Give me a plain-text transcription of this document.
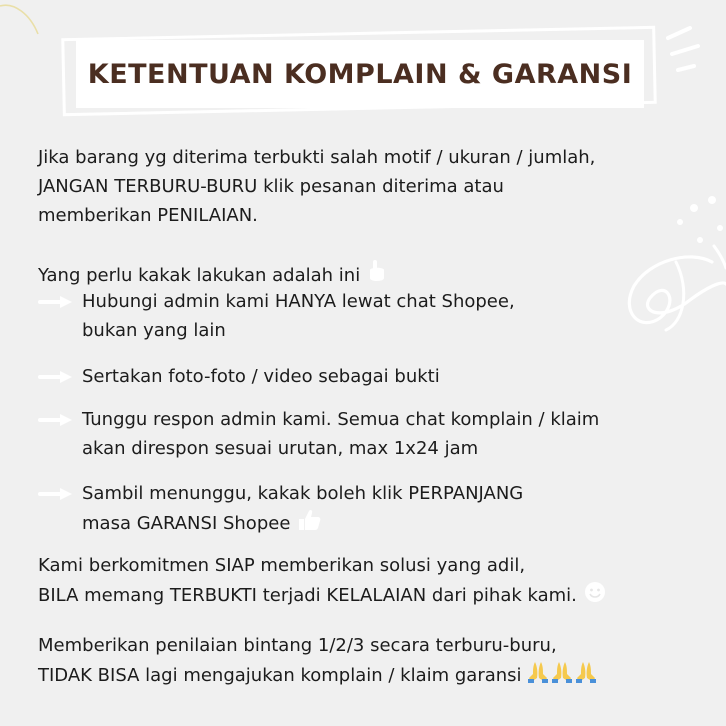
KETENTUAN KOMPLAIN & GARANSI
Jika barang yg diterima terbukti salah motif / ukuran / jumlah,
JANGAN TERBURU-BURU klik pesanan diterima atau
memberikan PENILAIAN.
Yang perlu kakak lakukan adalah ini
Hubungi admin kami HANYA lewat chat Shopee,
bukan yang lain
Sertakan foto-foto / video sebagai bukti
Tunggu respon admin kami. Semua chat komplain / klaim
akan direspon sesuai urutan, max 1x24 jam
Sambil menunggu, kakak boleh klik PERPANJANG
masa GARANSI Shopee
Kami berkomitmen SIAP memberikan solusi yang adil,
BILA memang TERBUKTI terjadi KELALAIAN dari pihak kami.
Memberikan penilaian bintang 1/2/3 secara terburu-buru,
TIDAK BISA lagi mengajukan komplain / klaim garansi
